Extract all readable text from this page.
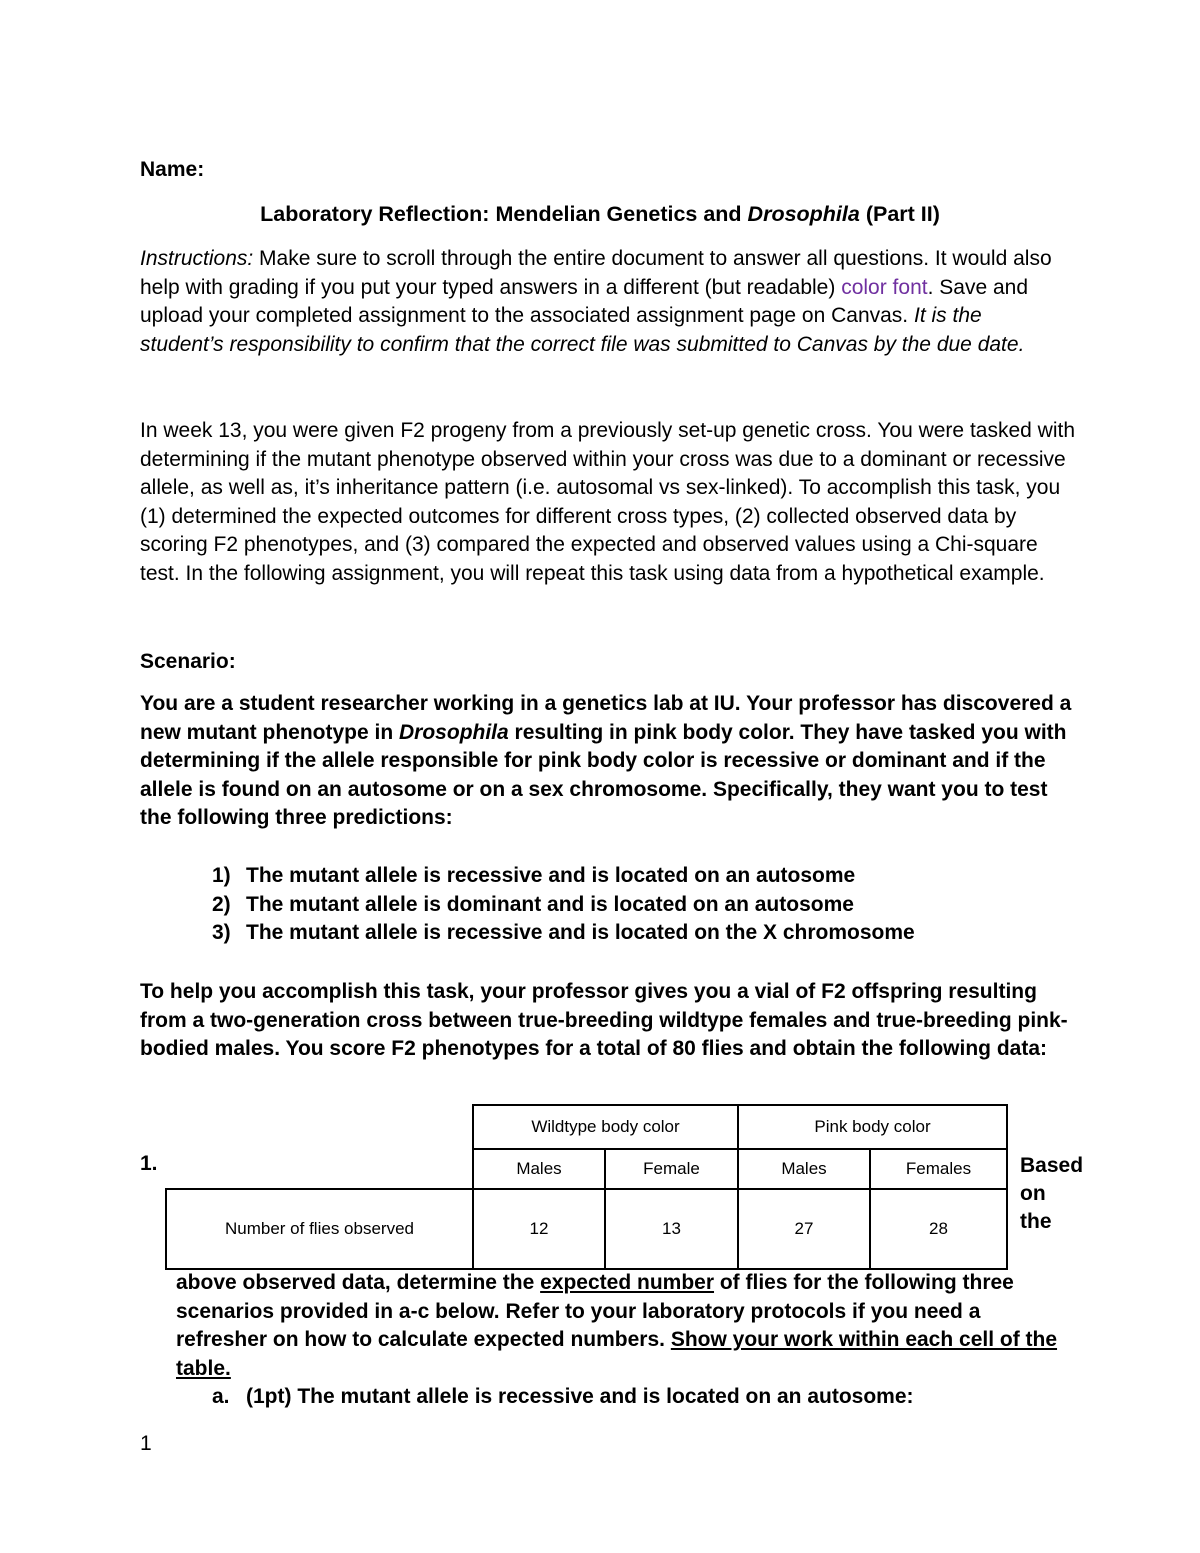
Name:
Laboratory Reflection: Mendelian Genetics and Drosophila (Part II)
Instructions: Make sure to scroll through the entire document to answer all questions. It would also help with grading if you put your typed answers in a different (but readable) color font. Save and upload your completed assignment to the associated assignment page on Canvas. It is the student’s responsibility to confirm that the correct file was submitted to Canvas by the due date.
In week 13, you were given F2 progeny from a previously set-up genetic cross. You were tasked with determining if the mutant phenotype observed within your cross was due to a dominant or recessive allele, as well as, it’s inheritance pattern (i.e. autosomal vs sex-linked). To accomplish this task, you (1) determined the expected outcomes for different cross types, (2) collected observed data by scoring F2 phenotypes, and (3) compared the expected and observed values using a Chi-square test. In the following assignment, you will repeat this task using data from a hypothetical example.
Scenario:
You are a student researcher working in a genetics lab at IU. Your professor has discovered a new mutant phenotype in Drosophila resulting in pink body color. They have tasked you with determining if the allele responsible for pink body color is recessive or dominant and if the allele is found on an autosome or on a sex chromosome. Specifically, they want you to test the following three predictions:
1) The mutant allele is recessive and is located on an autosome
2) The mutant allele is dominant and is located on an autosome
3) The mutant allele is recessive and is located on the X chromosome
To help you accomplish this task, your professor gives you a vial of F2 offspring resulting from a two-generation cross between true-breeding wildtype females and true-breeding pink-bodied males. You score F2 phenotypes for a total of 80 flies and obtain the following data:
1.
	Wildtype body color		Pink body color	
	Males	Female	Males	Females
Number of flies observed	12	13	27	28
Based on the
above observed data, determine the expected number of flies for the following three scenarios provided in a-c below. Refer to your laboratory protocols if you need a refresher on how to calculate expected numbers. Show your work within each cell of the table.
a. (1pt) The mutant allele is recessive and is located on an autosome:
1
